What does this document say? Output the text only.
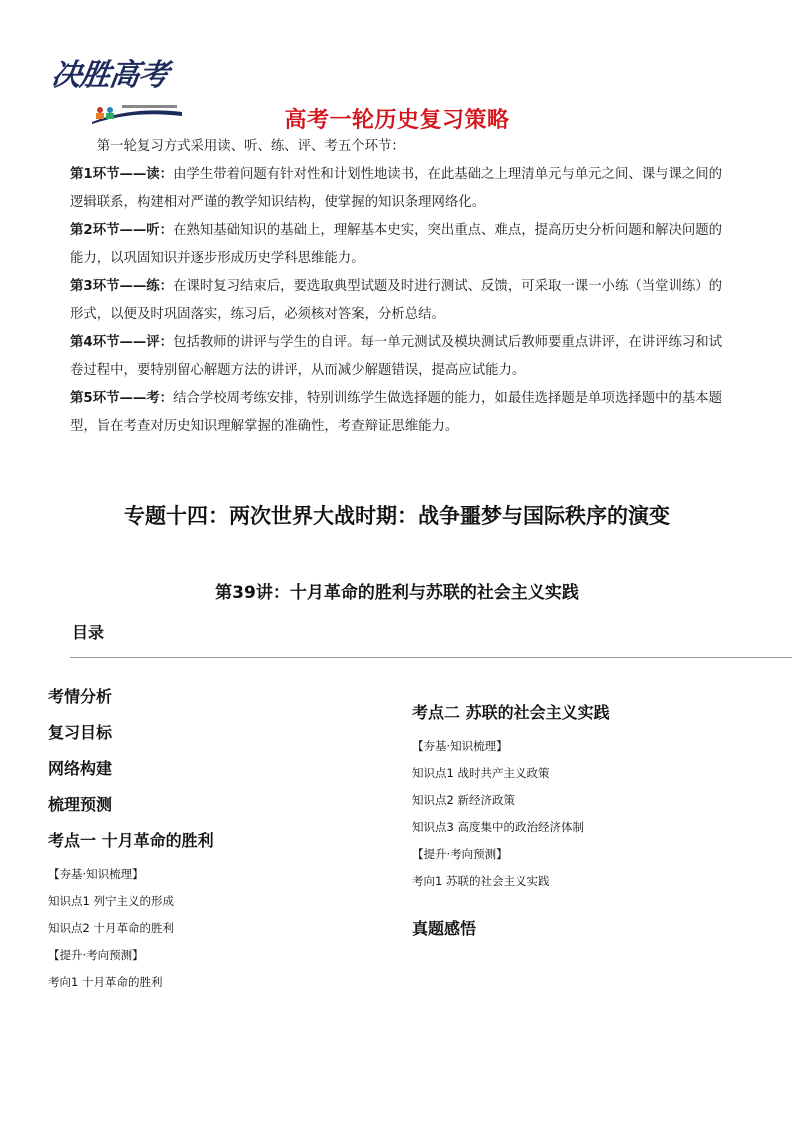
决胜高考
高考一轮历史复习策略

第一轮复习方式采用读、听、练、评、考五个环节：

第1环节——读：由学生带着问题有针对性和计划性地读书，在此基础之上理清单元与单元之间、课与课之间的逻辑联系，构建相对严谨的教学知识结构，使掌握的知识条理网络化。
第2环节——听：在熟知基础知识的基础上，理解基本史实，突出重点、难点，提高历史分析问题和解决问题的能力，以巩固知识并逐步形成历史学科思维能力。
第3环节——练：在课时复习结束后，要选取典型试题及时进行测试、反馈，可采取一课一小练（当堂训练）的形式，以便及时巩固落实，练习后，必须核对答案，分析总结。
第4环节——评：包括教师的讲评与学生的自评。每一单元测试及模块测试后教师要重点讲评，在讲评练习和试卷过程中，要特别留心解题方法的讲评，从而减少解题错误，提高应试能力。
第5环节——考：结合学校周考练安排，特别训练学生做选择题的能力，如最佳选择题是单项选择题中的基本题型，旨在考查对历史知识理解掌握的准确性，考查辩证思维能力。
专题十四：两次世界大战时期：战争噩梦与国际秩序的演变
第39讲：十月革命的胜利与苏联的社会主义实践
目录
考情分析
复习目标
网络构建
梳理预测
考点一 十月革命的胜利
【夯基·知识梳理】
知识点1 列宁主义的形成
知识点2 十月革命的胜利
【提升·考向预测】
考向1 十月革命的胜利
考点二 苏联的社会主义实践
【夯基·知识梳理】
知识点1 战时共产主义政策
知识点2 新经济政策
知识点3 高度集中的政治经济体制
【提升·考向预测】
考向1 苏联的社会主义实践
真题感悟
